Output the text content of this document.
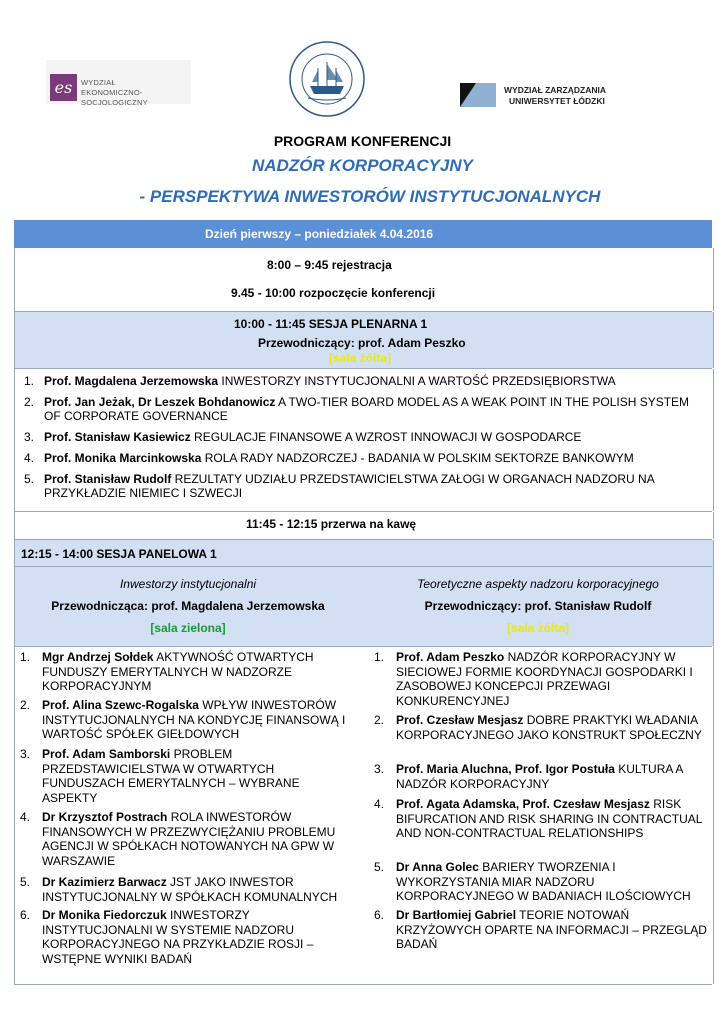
es	WYDZIAŁ
EKONOMICZNO-SOCJOLOGICZNY
WYDZIAŁ ZARZĄDZANIA
UNIWERSYTET ŁÓDZKI
PROGRAM KONFERENCJI
NADZÓR KORPORACYJNY
- PERSPEKTYWA INWESTORÓW INSTYTUCJONALNYCH
Dzień pierwszy – poniedziałek 4.04.2016
8:00 – 9:45 rejestracja
9.45 - 10:00 rozpoczęcie konferencji
10:00 - 11:45 SESJA PLENARNA 1
Przewodniczący: prof. Adam Peszko
[sala żółta]
1. Prof. Magdalena Jerzemowska INWESTORZY INSTYTUCJONALNI A WARTOŚĆ PRZEDSIĘBIORSTWA
2. Prof. Jan Jeżak, Dr Leszek Bohdanowicz A TWO-TIER BOARD MODEL AS A WEAK POINT IN THE POLISH SYSTEM OF CORPORATE GOVERNANCE
3. Prof. Stanisław Kasiewicz REGULACJE FINANSOWE A WZROST INNOWACJI W GOSPODARCE
4. Prof. Monika Marcinkowska ROLA RADY NADZORCZEJ - BADANIA W POLSKIM SEKTORZE BANKOWYM
5. Prof. Stanisław Rudolf REZULTATY UDZIAŁU PRZEDSTAWICIELSTWA ZAŁOGI W ORGANACH NADZORU NA PRZYKŁADZIE NIEMIEC I SZWECJI
11:45 - 12:15 przerwa na kawę
12:15 - 14:00 SESJA PANELOWA 1
Inwestorzy instytucjonalni
Przewodnicząca: prof. Magdalena Jerzemowska
[sala zielona]
Teoretyczne aspekty nadzoru korporacyjnego
Przewodniczący: prof. Stanisław Rudolf
[sala żółta]
1. Mgr Andrzej Sołdek AKTYWNOŚĆ OTWARTYCH FUNDUSZY EMERYTALNYCH W NADZORZE KORPORACYJNYM
2. Prof. Alina Szewc-Rogalska WPŁYW INWESTORÓW INSTYTUCJONALNYCH NA KONDYCJĘ FINANSOWĄ I WARTOŚĆ SPÓŁEK GIEŁDOWYCH
3. Prof. Adam Samborski PROBLEM PRZEDSTAWICIELSTWA W OTWARTYCH FUNDUSZACH EMERYTALNYCH – WYBRANE ASPEKTY
4. Dr Krzysztof Postrach ROLA INWESTORÓW FINANSOWYCH W PRZEZWYCIĘŻANIU PROBLEMU AGENCJI W SPÓŁKACH NOTOWANYCH NA GPW W WARSZAWIE
5. Dr Kazimierz Barwacz JST JAKO INWESTOR INSTYTUCJONALNY W SPÓŁKACH KOMUNALNYCH
6. Dr Monika Fiedorczuk INWESTORZY INSTYTUCJONALNI W SYSTEMIE NADZORU KORPORACYJNEGO NA PRZYKŁADZIE ROSJI – WSTĘPNE WYNIKI BADAŃ
1. Prof. Adam Peszko NADZÓR KORPORACYJNY W SIECIOWEJ FORMIE KOORDYNACJI GOSPODARKI I ZASOBOWEJ KONCEPCJI PRZEWAGI KONKURENCYJNEJ
2. Prof. Czesław Mesjasz DOBRE PRAKTYKI WŁADANIA KORPORACYJNEGO JAKO KONSTRUKT SPOŁECZNY
3. Prof. Maria Aluchna, Prof. Igor Postuła KULTURA A NADZÓR KORPORACYJNY
4. Prof. Agata Adamska, Prof. Czesław Mesjasz RISK BIFURCATION AND RISK SHARING IN CONTRACTUAL AND NON-CONTRACTUAL RELATIONSHIPS
5. Dr Anna Golec BARIERY TWORZENIA I WYKORZYSTANIA MIAR NADZORU KORPORACYJNEGO W BADANIACH ILOŚCIOWYCH
6. Dr Bartłomiej Gabriel TEORIE NOTOWAŃ KRZYŻOWYCH OPARTE NA INFORMACJI – PRZEGLĄD BADAŃ
